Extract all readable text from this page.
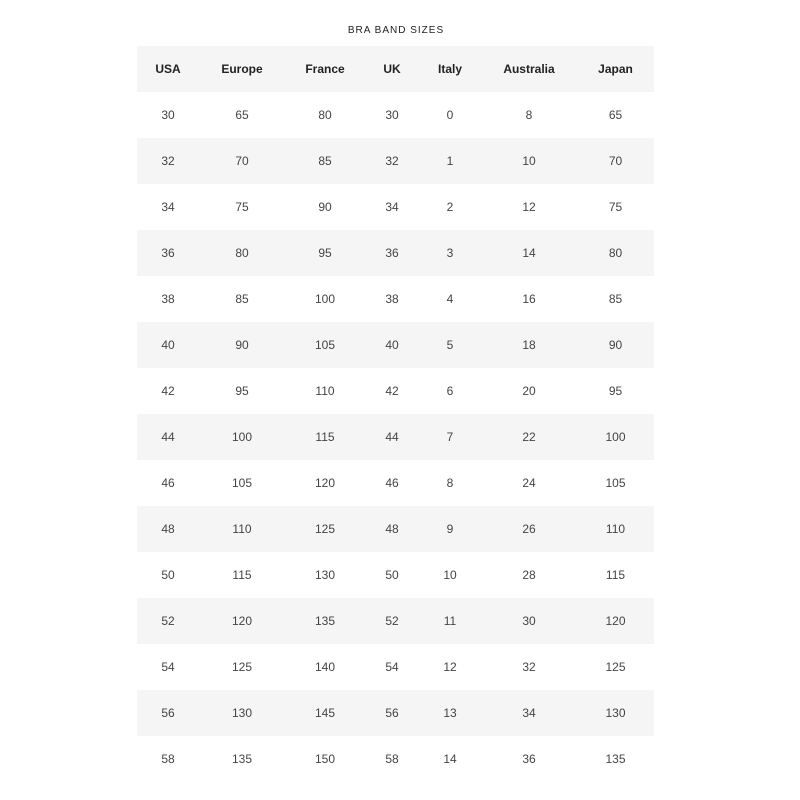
BRA BAND SIZES
USA	Europe	France	UK	Italy	Australia	Japan
30	65	80	30	0	8	65
32	70	85	32	1	10	70
34	75	90	34	2	12	75
36	80	95	36	3	14	80
38	85	100	38	4	16	85
40	90	105	40	5	18	90
42	95	110	42	6	20	95
44	100	115	44	7	22	100
46	105	120	46	8	24	105
48	110	125	48	9	26	110
50	115	130	50	10	28	115
52	120	135	52	11	30	120
54	125	140	54	12	32	125
56	130	145	56	13	34	130
58	135	150	58	14	36	135
